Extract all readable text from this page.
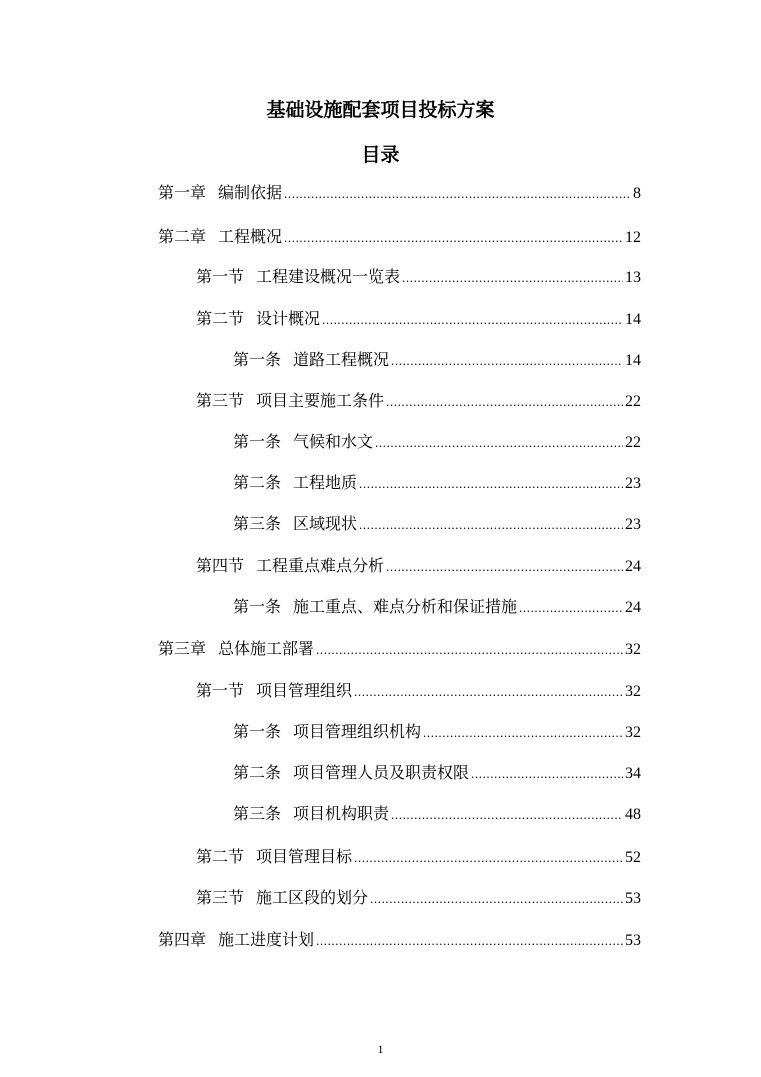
基础设施配套项目投标方案
目录
第一章 编制依据 .....	8
第二章 工程概况 .....	12
第一节 工程建设概况一览表 .....	13
第二节 设计概况 .....	14
第一条 道路工程概况 .....	14
第三节 项目主要施工条件 .....	22
第一条 气候和水文 .....	22
第二条 工程地质 .....	23
第三条 区域现状 .....	23
第四节 工程重点难点分析 .....	24
第一条 施工重点、难点分析和保证措施 .....	24
第三章 总体施工部署 .....	32
第一节 项目管理组织 .....	32
第一条 项目管理组织机构 .....	32
第二条 项目管理人员及职责权限 .....	34
第三条 项目机构职责 .....	48
第二节 项目管理目标 .....	52
第三节 施工区段的划分 .....	53
第四章 施工进度计划 .....	53
1
